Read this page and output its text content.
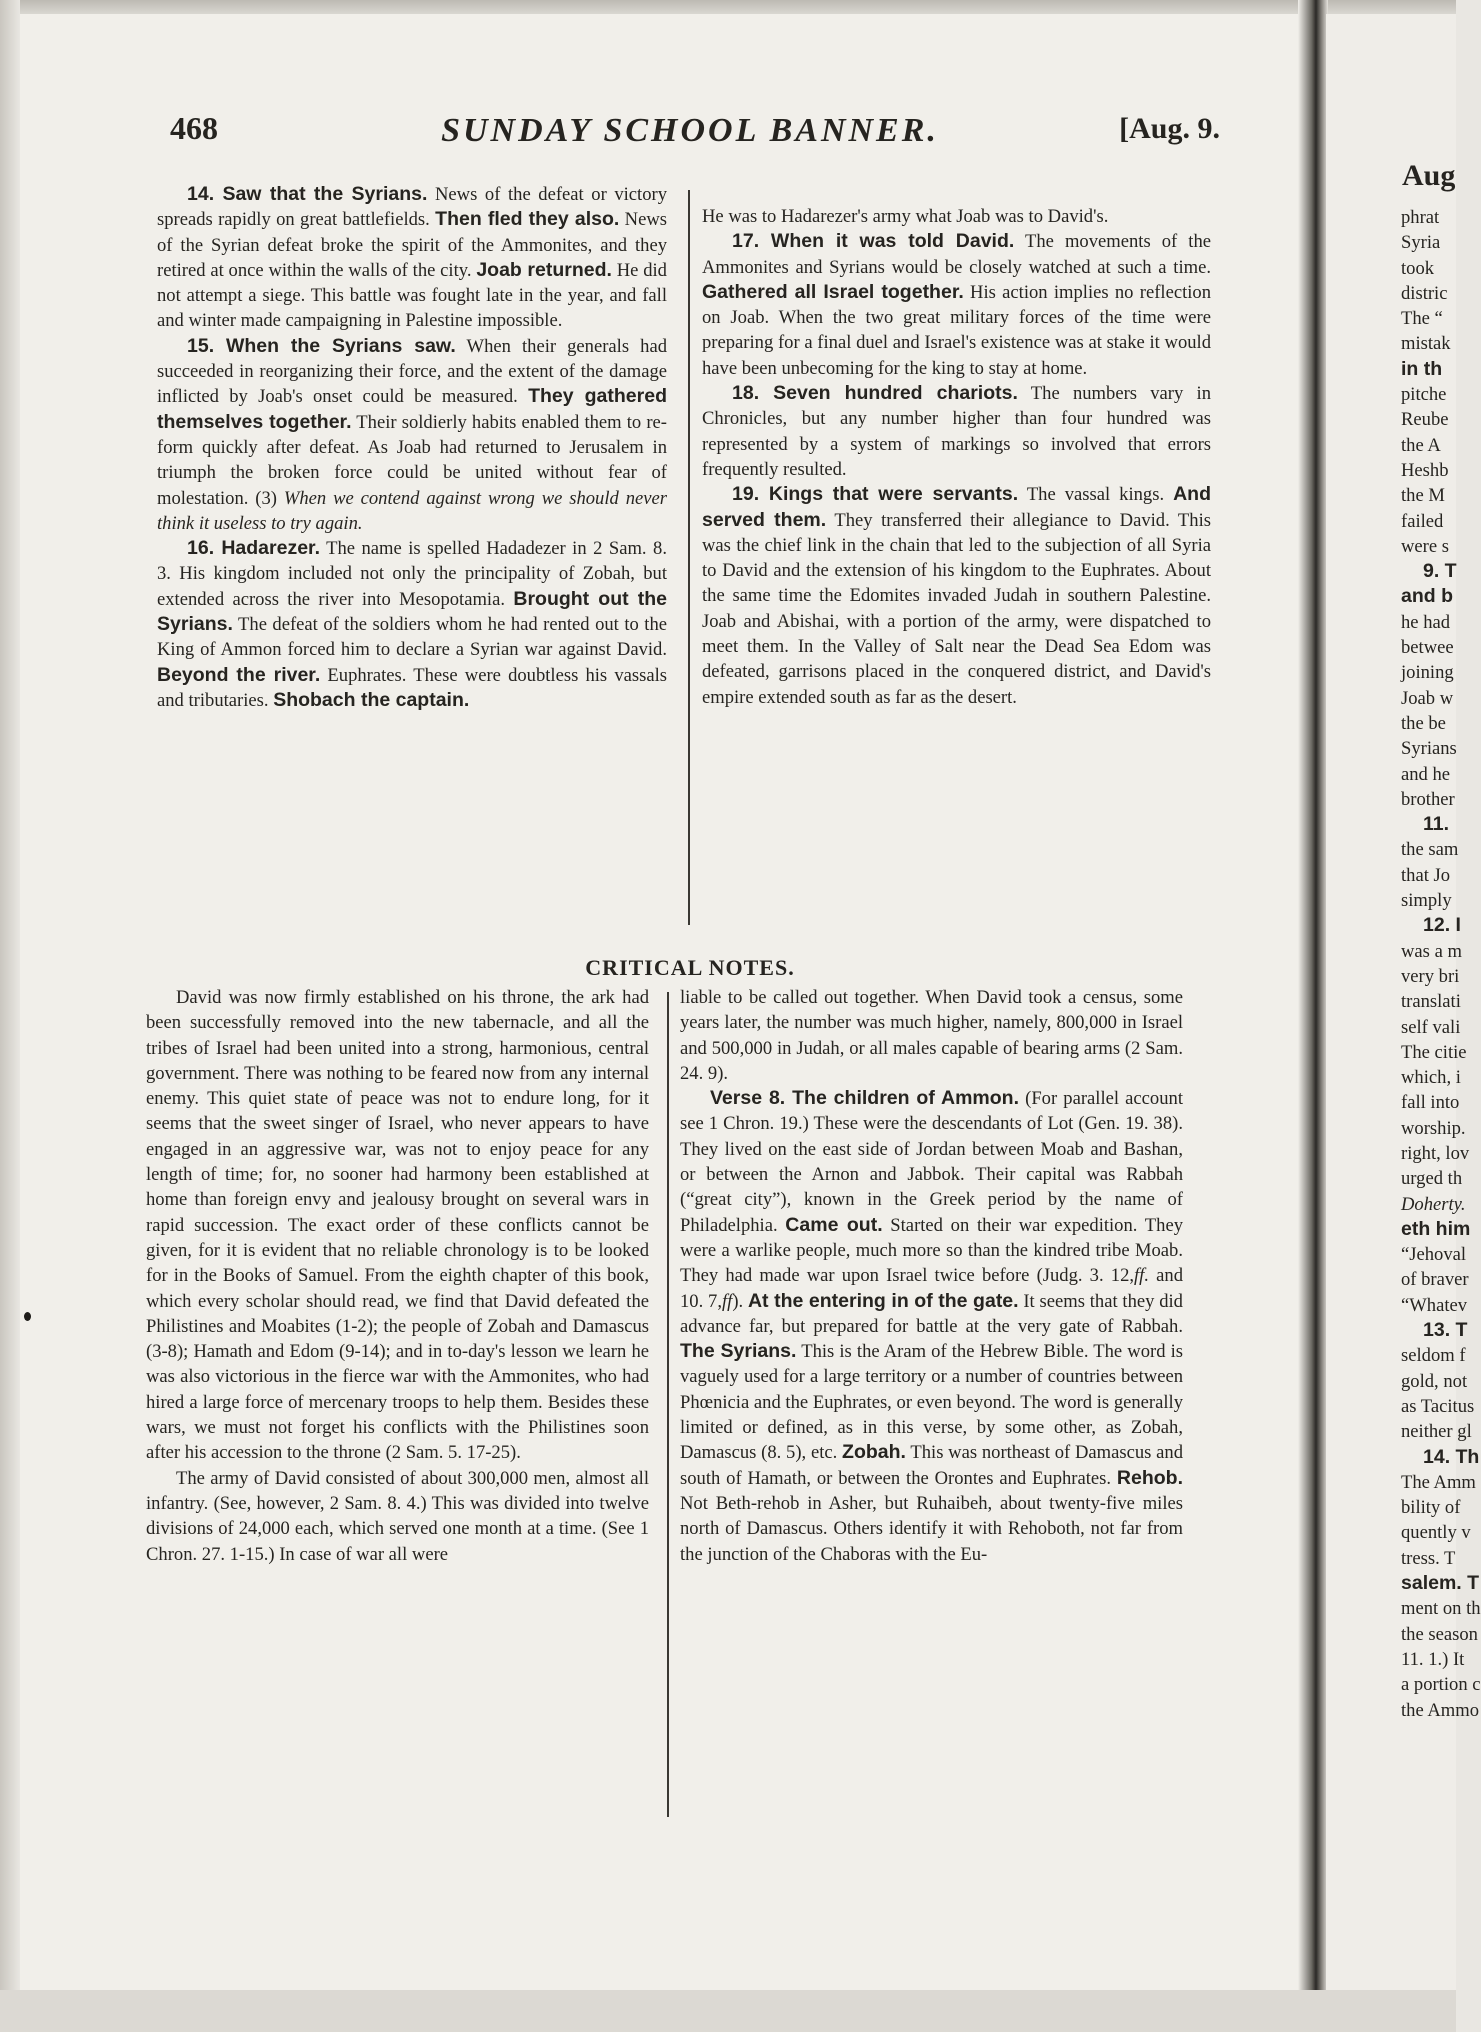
468	SUNDAY SCHOOL BANNER.	[Aug. 9.

14. Saw that the Syrians. News of the defeat or victory spreads rapidly on great battlefields. Then fled they also. News of the Syrian defeat broke the spirit of the Ammonites, and they retired at once within the walls of the city. Joab returned. He did not attempt a siege. This battle was fought late in the year, and fall and winter made campaigning in Palestine impossible.

15. When the Syrians saw. When their generals had succeeded in reorganizing their force, and the extent of the damage inflicted by Joab's onset could be measured. They gathered themselves together. Their soldierly habits enabled them to re-form quickly after defeat. As Joab had returned to Jerusalem in triumph the broken force could be united without fear of molestation. (3) When we contend against wrong we should never think it useless to try again.

16. Hadarezer. The name is spelled Hadadezer in 2 Sam. 8. 3. His kingdom included not only the principality of Zobah, but extended across the river into Mesopotamia. Brought out the Syrians. The defeat of the soldiers whom he had rented out to the King of Ammon forced him to declare a Syrian war against David. Beyond the river. Euphrates. These were doubtless his vassals and tributaries. Shobach the captain.

He was to Hadarezer's army what Joab was to David's.

17. When it was told David. The movements of the Ammonites and Syrians would be closely watched at such a time. Gathered all Israel together. His action implies no reflection on Joab. When the two great military forces of the time were preparing for a final duel and Israel's existence was at stake it would have been unbecoming for the king to stay at home.

18. Seven hundred chariots. The numbers vary in Chronicles, but any number higher than four hundred was represented by a system of markings so involved that errors frequently resulted.

19. Kings that were servants. The vassal kings. And served them. They transferred their allegiance to David. This was the chief link in the chain that led to the subjection of all Syria to David and the extension of his kingdom to the Euphrates. About the same time the Edomites invaded Judah in southern Palestine. Joab and Abishai, with a portion of the army, were dispatched to meet them. In the Valley of Salt near the Dead Sea Edom was defeated, garrisons placed in the conquered district, and David's empire extended south as far as the desert.

CRITICAL NOTES.

David was now firmly established on his throne, the ark had been successfully removed into the new tabernacle, and all the tribes of Israel had been united into a strong, harmonious, central government. There was nothing to be feared now from any internal enemy. This quiet state of peace was not to endure long, for it seems that the sweet singer of Israel, who never appears to have engaged in an aggressive war, was not to enjoy peace for any length of time; for, no sooner had harmony been established at home than foreign envy and jealousy brought on several wars in rapid succession. The exact order of these conflicts cannot be given, for it is evident that no reliable chronology is to be looked for in the Books of Samuel. From the eighth chapter of this book, which every scholar should read, we find that David defeated the Philistines and Moabites (1-2); the people of Zobah and Damascus (3-8); Hamath and Edom (9-14); and in to-day's lesson we learn he was also victorious in the fierce war with the Ammonites, who had hired a large force of mercenary troops to help them. Besides these wars, we must not forget his conflicts with the Philistines soon after his accession to the throne (2 Sam. 5. 17-25).

The army of David consisted of about 300,000 men, almost all infantry. (See, however, 2 Sam. 8. 4.) This was divided into twelve divisions of 24,000 each, which served one month at a time. (See 1 Chron. 27. 1-15.) In case of war all were

liable to be called out together. When David took a census, some years later, the number was much higher, namely, 800,000 in Israel and 500,000 in Judah, or all males capable of bearing arms (2 Sam. 24. 9).

Verse 8. The children of Ammon. (For parallel account see 1 Chron. 19.) These were the descendants of Lot (Gen. 19. 38). They lived on the east side of Jordan between Moab and Bashan, or between the Arnon and Jabbok. Their capital was Rabbah (“great city”), known in the Greek period by the name of Philadelphia. Came out. Started on their war expedition. They were a warlike people, much more so than the kindred tribe Moab. They had made war upon Israel twice before (Judg. 3. 12,ff. and 10. 7,ff). At the entering in of the gate. It seems that they did advance far, but prepared for battle at the very gate of Rabbah. The Syrians. This is the Aram of the Hebrew Bible. The word is vaguely used for a large territory or a number of countries between Phœnicia and the Euphrates, or even beyond. The word is generally limited or defined, as in this verse, by some other, as Zobah, Damascus (8. 5), etc. Zobah. This was northeast of Damascus and south of Hamath, or between the Orontes and Euphrates. Rehob. Not Beth-rehob in Asher, but Ruhaibeh, about twenty-five miles north of Damascus. Others identify it with Rehoboth, not far from the junction of the Chaboras with the Eu-

Aug
phrat
Syria
took
distric
The “
mistak
in th
pitche
Reube
the A
Heshb
the M
failed
were s
9. T
and b
he had
betwee
joining
Joab w
the be
Syrians
and he
brother
11.
the sam
that Jo
simply
12. I
was a m
very bri
translati
self vali
The citie
which, i
fall into
worship.
right, lov
urged th
Doherty.
eth him
“Jehoval
of braver
“Whatev
13. T
seldom f
gold, not
as Tacitus
neither gl
14. Th
The Amm
bility of
quently v
tress. T
salem. T
ment on th
the season
11. 1.) It
a portion c
the Ammo
